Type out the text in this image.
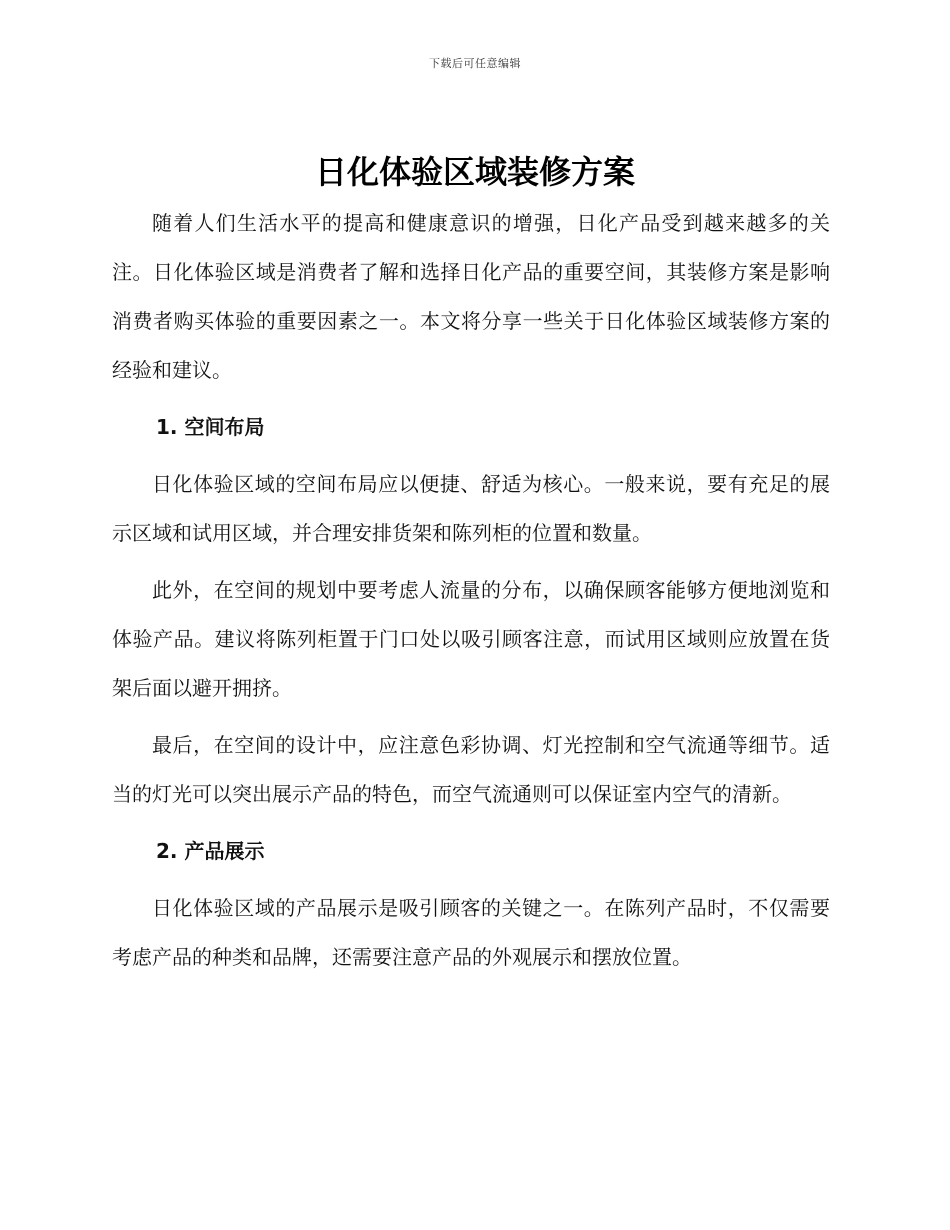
下载后可任意编辑
日化体验区域装修方案

随着人们生活水平的提高和健康意识的增强，日化产品受到越来越多的关注。日化体验区域是消费者了解和选择日化产品的重要空间，其装修方案是影响消费者购买体验的重要因素之一。本文将分享一些关于日化体验区域装修方案的经验和建议。

1. 空间布局

日化体验区域的空间布局应以便捷、舒适为核心。一般来说，要有充足的展示区域和试用区域，并合理安排货架和陈列柜的位置和数量。

此外，在空间的规划中要考虑人流量的分布，以确保顾客能够方便地浏览和体验产品。建议将陈列柜置于门口处以吸引顾客注意，而试用区域则应放置在货架后面以避开拥挤。

最后，在空间的设计中，应注意色彩协调、灯光控制和空气流通等细节。适当的灯光可以突出展示产品的特色，而空气流通则可以保证室内空气的清新。

2. 产品展示

日化体验区域的产品展示是吸引顾客的关键之一。在陈列产品时，不仅需要考虑产品的种类和品牌，还需要注意产品的外观展示和摆放位置。
